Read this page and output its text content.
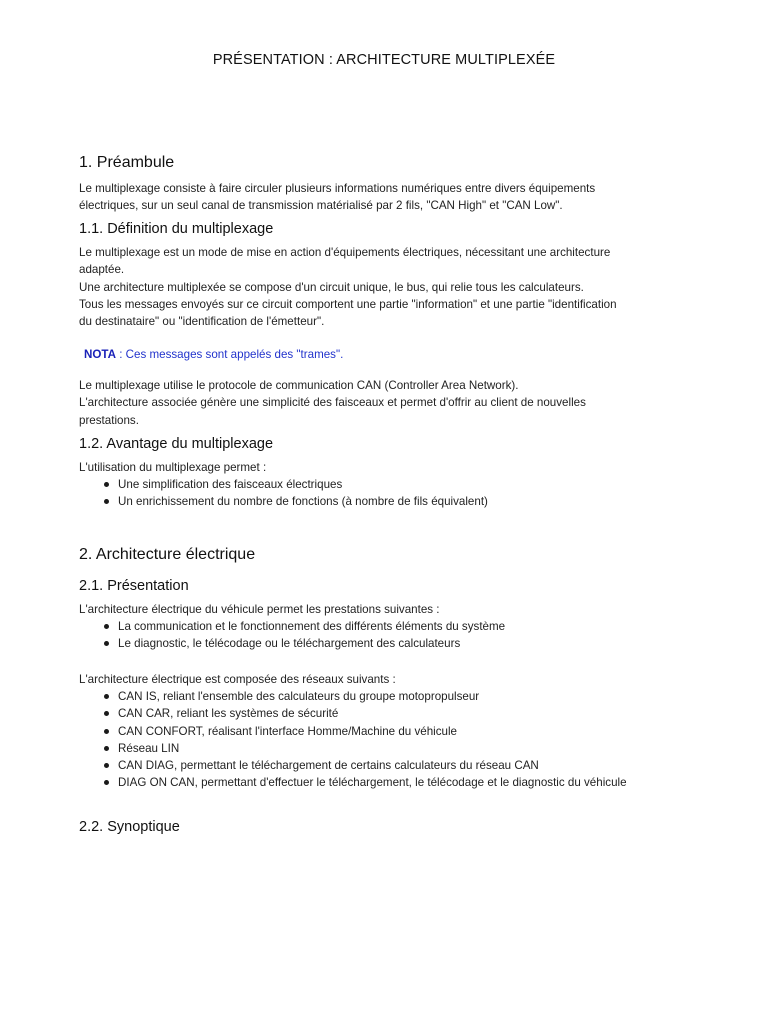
PRÉSENTATION : ARCHITECTURE MULTIPLEXÉE
1. Préambule
Le multiplexage consiste à faire circuler plusieurs informations numériques entre divers équipements
électriques, sur un seul canal de transmission matérialisé par 2 fils, "CAN High" et "CAN Low".
1.1. Définition du multiplexage
Le multiplexage est un mode de mise en action d'équipements électriques, nécessitant une architecture
adaptée.
Une architecture multiplexée se compose d'un circuit unique, le bus, qui relie tous les calculateurs.
Tous les messages envoyés sur ce circuit comportent une partie "information" et une partie "identification
du destinataire" ou "identification de l'émetteur".
NOTA : Ces messages sont appelés des "trames".
Le multiplexage utilise le protocole de communication CAN (Controller Area Network).
L'architecture associée génère une simplicité des faisceaux et permet d'offrir au client de nouvelles
prestations.
1.2. Avantage du multiplexage
L'utilisation du multiplexage permet :
Une simplification des faisceaux électriques
Un enrichissement du nombre de fonctions (à nombre de fils équivalent)
2. Architecture électrique
2.1. Présentation
L'architecture électrique du véhicule permet les prestations suivantes :
La communication et le fonctionnement des différents éléments du système
Le diagnostic, le télécodage ou le téléchargement des calculateurs
L'architecture électrique est composée des réseaux suivants :
CAN IS, reliant l'ensemble des calculateurs du groupe motopropulseur
CAN CAR, reliant les systèmes de sécurité
CAN CONFORT, réalisant l'interface Homme/Machine du véhicule
Réseau LIN
CAN DIAG, permettant le téléchargement de certains calculateurs du réseau CAN
DIAG ON CAN, permettant d'effectuer le téléchargement, le télécodage et le diagnostic du véhicule
2.2. Synoptique
